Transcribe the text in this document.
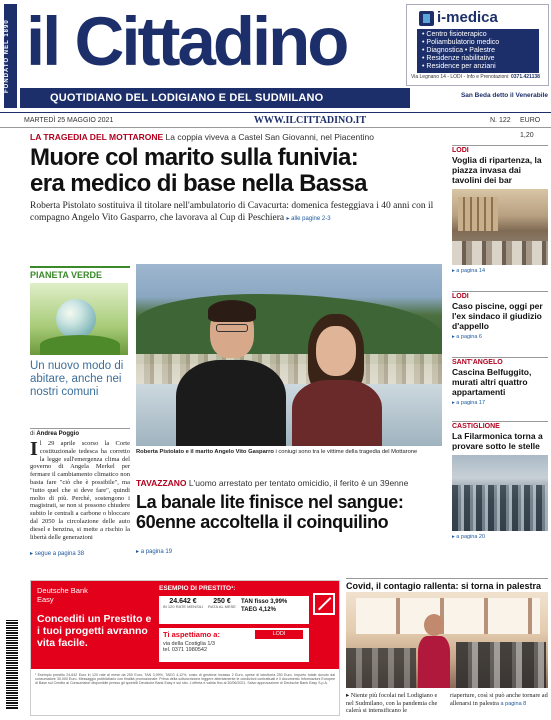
FONDATO NEL 1890 il Cittadino
QUOTIDIANO DEL LODIGIANO E DEL SUDMILANO
i-medica
• Centro fisioterapico
• Poliambulatorio medico
• Diagnostica • Palestre
• Residenze riabilitative
• Residence per anziani
Via Legnano 14 - LODI - Info e Prenotazioni: 0371.421138
San Beda detto il Venerabile
MARTEDÌ 25 MAGGIO 2021	WWW.ILCITTADINO.IT	N. 122 EURO 1,20
LA TRAGEDIA DEL MOTTARONE La coppia viveva a Castel San Giovanni, nel Piacentino
Muore col marito sulla funivia:
era medico di base nella Bassa
Roberta Pistolato sostituiva il titolare nell'ambulatorio di Cavacurta: domenica festeggiava i 40 anni con il compagno Angelo Vito Gasparro, che lavorava al Cup di Peschiera ▸ alle pagine 2-3
PIANETA VERDE
Un nuovo modo di abitare, anche nei nostri comuni
di Andrea Poggio
Il 29 aprile scorso la Corte costituzionale tedesca ha corretto la legge sull'emergenza clima del governo di Angela Merkel per fermare il cambiamento climatico non basta fare "ciò che è possibile", ma "tutto quel che si deve fare", quindi molto di più. Perché, sostengono i magistrati, se non si possono chiudere subito le centrali a carbone o bloccare dal 2050 la circolazione delle auto diesel e benzina, si mette a rischio la libertà delle generazioni
▸ segue a pagina 38
Roberta Pistolato e il marito Angelo Vito Gasparro i coniugi sono tra le vittime della tragedia del Mottarone
TAVAZZANO L'uomo arrestato per tentato omicidio, il ferito è un 39enne
La banale lite finisce nel sangue:
60enne accoltella il coinquilino
▸ a pagina 19
LODI
Voglia di ripartenza, la piazza invasa dai tavolini dei bar
▸ a pagina 14
LODI
Caso piscine, oggi per l'ex sindaco il giudizio d'appello
▸ a pagina 6
SANT'ANGELO
Cascina Belfuggito, murati altri quattro appartamenti
▸ a pagina 17
CASTIGLIONE
La Filarmonica torna a provare sotto le stelle
▸ a pagina 20
Deutsche Bank
Easy
Concediti un Prestito e i tuoi progetti avranno vita facile.
ESEMPIO DI PRESTITO¹:
24.642 €
IN 120 RATE MENSILI
250 €
RATA AL MESE
TAN fisso 3,99%
TAEG 4,12%
Ti aspettiamo a:	LODI
via della Costiglia 1/3
tel. 0371 1980542
¹ Esempio prestito 24.642 Euro in 120 rate al mese da 250 Euro, TAN 3,99%, TAEG 4,12%, costo di gestione incasso 2 Euro, spese di istruttoria 250 Euro. Importo totale dovuto dal consumatore 30.000 Euro. Messaggio pubblicitario con finalità promozionale. Prima della sottoscrizione leggere attentamente le condizioni contrattuali e il documento Informazioni Europee di Base sul Credito ai Consumatori disponibile presso gli sportelli Deutsche Bank Easy e sul sito. L'offerta è valida fino al 30/06/2021. Salvo approvazione di Deutsche Bank Easy S.p.A.
Covid, il contagio rallenta: si torna in palestra
▸ Niente più focolai nel Lodigiano e nel Sudmilano, con la pandemia che calerà si intensificano le
riaperture, così si può anche tornare ad allenarsi in palestra a pagina 8
